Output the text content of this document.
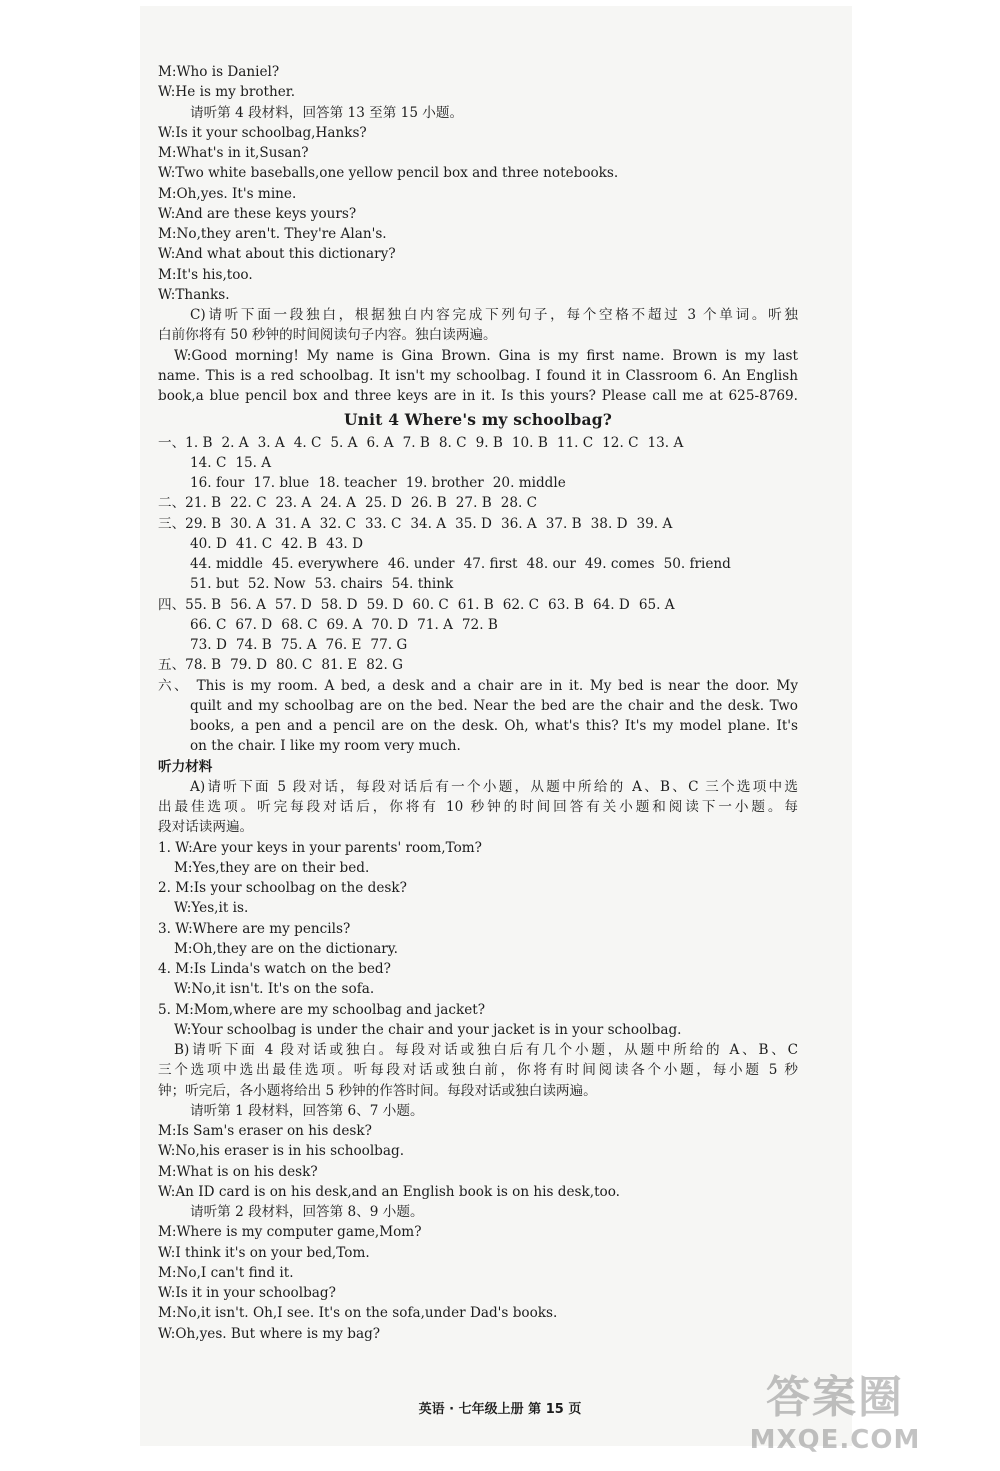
M:Who is Daniel?
W:He is my brother.
请听第 4 段材料，回答第 13 至第 15 小题。
W:Is it your schoolbag,Hanks?
M:What's in it,Susan?
W:Two white baseballs,one yellow pencil box and three notebooks.
M:Oh,yes. It's mine.
W:And are these keys yours?
M:No,they aren't. They're Alan's.
W:And what about this dictionary?
M:It's his,too.
W:Thanks.
C)请听下面一段独白，根据独白内容完成下列句子，每个空格不超过 3 个单词。听独
白前你将有 50 秒钟的时间阅读句子内容。独白读两遍。
W:Good morning! My name is Gina Brown. Gina is my first name. Brown is my last
name. This is a red schoolbag. It isn't my schoolbag. I found it in Classroom 6. An English
book,a blue pencil box and three keys are in it. Is this yours? Please call me at 625-8769.
Unit 4 Where's my schoolbag?
一、1. B 2. A 3. A 4. C 5. A 6. A 7. B 8. C 9. B 10. B 11. C 12. C 13. A
14. C 15. A
16. four 17. blue 18. teacher 19. brother 20. middle
二、21. B 22. C 23. A 24. A 25. D 26. B 27. B 28. C
三、29. B 30. A 31. A 32. C 33. C 34. A 35. D 36. A 37. B 38. D 39. A
40. D 41. C 42. B 43. D
44. middle 45. everywhere 46. under 47. first 48. our 49. comes 50. friend
51. but 52. Now 53. chairs 54. think
四、55. B 56. A 57. D 58. D 59. D 60. C 61. B 62. C 63. B 64. D 65. A
66. C 67. D 68. C 69. A 70. D 71. A 72. B
73. D 74. B 75. A 76. E 77. G
五、78. B 79. D 80. C 81. E 82. G
六、 This is my room. A bed, a desk and a chair are in it. My bed is near the door. My
quilt and my schoolbag are on the bed. Near the bed are the chair and the desk. Two
books, a pen and a pencil are on the desk. Oh, what's this? It's my model plane. It's
on the chair. I like my room very much.
听力材料
A)请听下面 5 段对话，每段对话后有一个小题，从题中所给的 A、B、C 三个选项中选
出最佳选项。听完每段对话后，你将有 10 秒钟的时间回答有关小题和阅读下一小题。每
段对话读两遍。
1. W:Are your keys in your parents' room,Tom?
M:Yes,they are on their bed.
2. M:Is your schoolbag on the desk?
W:Yes,it is.
3. W:Where are my pencils?
M:Oh,they are on the dictionary.
4. M:Is Linda's watch on the bed?
W:No,it isn't. It's on the sofa.
5. M:Mom,where are my schoolbag and jacket?
W:Your schoolbag is under the chair and your jacket is in your schoolbag.
B)请听下面 4 段对话或独白。每段对话或独白后有几个小题，从题中所给的 A、B、C
三个选项中选出最佳选项。听每段对话或独白前，你将有时间阅读各个小题，每小题 5 秒
钟；听完后，各小题将给出 5 秒钟的作答时间。每段对话或独白读两遍。
请听第 1 段材料，回答第 6、7 小题。
M:Is Sam's eraser on his desk?
W:No,his eraser is in his schoolbag.
M:What is on his desk?
W:An ID card is on his desk,and an English book is on his desk,too.
请听第 2 段材料，回答第 8、9 小题。
M:Where is my computer game,Mom?
W:I think it's on your bed,Tom.
M:No,I can't find it.
W:Is it in your schoolbag?
M:No,it isn't. Oh,I see. It's on the sofa,under Dad's books.
W:Oh,yes. But where is my bag?
英语 · 七年级上册 第 15 页	答案圈
MXQE.COM
